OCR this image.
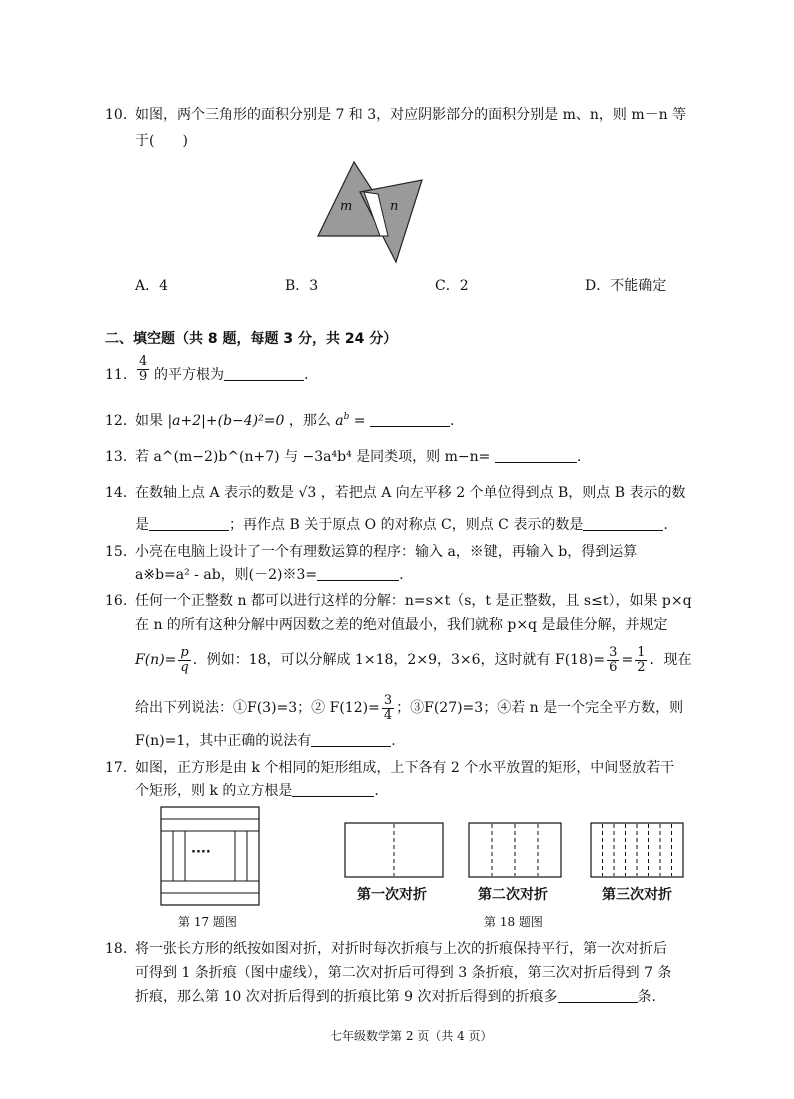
10．
如图，两个三角形的面积分别是 7 和 3，对应阴影部分的面积分别是 m、n，则 m－n 等
于(　　)
m	n
A．4	B．3	C．2	D．不能确定
二、填空题（共 8 题，每题 3 分，共 24 分）
11． $\frac{4}{9}$ 的平方根为	.
12．
如果 |a+2|+(b−4)²=0 ，那么 $a^b$ =	.
13．
若 a^(m−2)b^(n+7) 与 −3a⁴b⁴ 是同类项，则 m−n=	.
14．
在数轴上点 A 表示的数是 √3 ，若把点 A 向左平移 2 个单位得到点 B，则点 B 表示的数
是	；再作点 B 关于原点 O 的对称点 C，则点 C 表示的数是	.
15．
小亮在电脑上设计了一个有理数运算的程序：输入 a，※键，再输入 b，得到运算
a※b=a² - ab，则(－2)※3=	.
16．
任何一个正整数 n 都可以进行这样的分解：n=s×t（s，t 是正整数，且 s≤t），如果 p×q
在 n 的所有这种分解中两因数之差的绝对值最小，我们就称 p×q 是最佳分解，并规定
$F(n)= \frac{p}{q}$ ．例如：18，可以分解成 1×18，2×9，3×6，这时就有 $F(18)= \frac{3}{6} = \frac{1}{2}$ ．现在
给出下列说法：①F(3)=3；② $F(12)= \frac{3}{4}$ ；③F(27)=3；④若 n 是一个完全平方数，则
F(n)=1，其中正确的说法有	.
17．
如图，正方形是由 k 个相同的矩形组成，上下各有 2 个水平放置的矩形，中间竖放若干
个矩形，则 k 的立方根是	.
····
第 17 题图
第一次对折	第二次对折	第三次对折
第 18 题图
18．
将一张长方形的纸按如图对折，对折时每次折痕与上次的折痕保持平行，第一次对折后
可得到 1 条折痕（图中虚线），第二次对折后可得到 3 条折痕，第三次对折后得到 7 条
折痕，那么第 10 次对折后得到的折痕比第 9 次对折后得到的折痕多	条.
七年级数学第 2 页（共 4 页）
